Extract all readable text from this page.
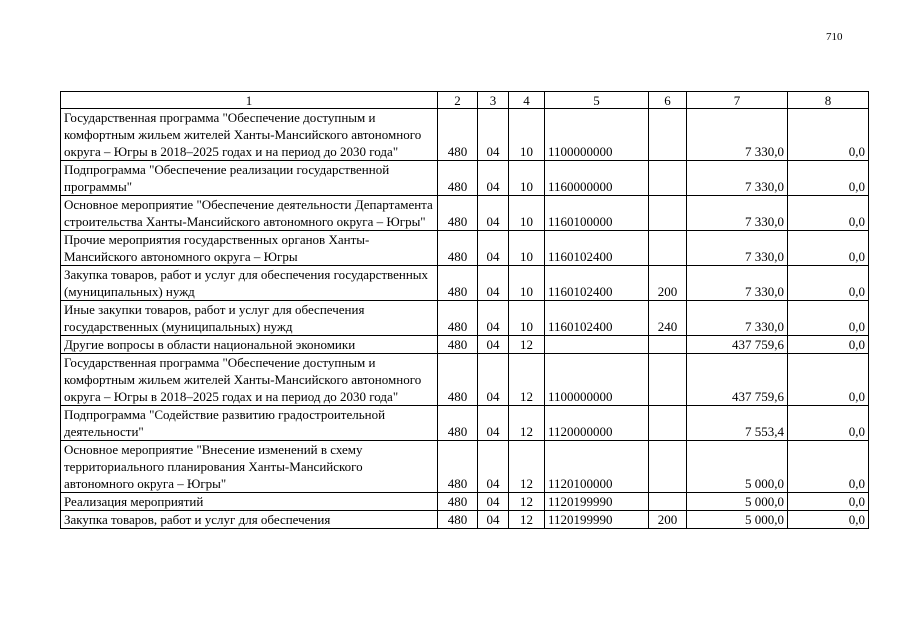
710
1	2	3	4	5	6	7	8
Государственная программа "Обеспечение доступным и комфортным жильем жителей Ханты-Мансийского автономного округа – Югры в 2018–2025 годах и на период до 2030 года"	480	04	10	1100000000		7 330,0	0,0
Подпрограмма "Обеспечение реализации государственной программы"	480	04	10	1160000000		7 330,0	0,0
Основное мероприятие "Обеспечение деятельности Департамента строительства Ханты-Мансийского автономного округа – Югры"	480	04	10	1160100000		7 330,0	0,0
Прочие мероприятия государственных органов Ханты-Мансийского автономного округа – Югры	480	04	10	1160102400		7 330,0	0,0
Закупка товаров, работ и услуг для обеспечения государственных (муниципальных) нужд	480	04	10	1160102400	200	7 330,0	0,0
Иные закупки товаров, работ и услуг для обеспечения государственных (муниципальных) нужд	480	04	10	1160102400	240	7 330,0	0,0
Другие вопросы в области национальной экономики	480	04	12			437 759,6	0,0
Государственная программа "Обеспечение доступным и комфортным жильем жителей Ханты-Мансийского автономного округа – Югры в 2018–2025 годах и на период до 2030 года"	480	04	12	1100000000		437 759,6	0,0
Подпрограмма "Содействие развитию градостроительной деятельности"	480	04	12	1120000000		7 553,4	0,0
Основное мероприятие "Внесение изменений в схему территориального планирования Ханты-Мансийского автономного округа – Югры"	480	04	12	1120100000		5 000,0	0,0
Реализация мероприятий	480	04	12	1120199990		5 000,0	0,0
Закупка товаров, работ и услуг для обеспечения	480	04	12	1120199990	200	5 000,0	0,0
